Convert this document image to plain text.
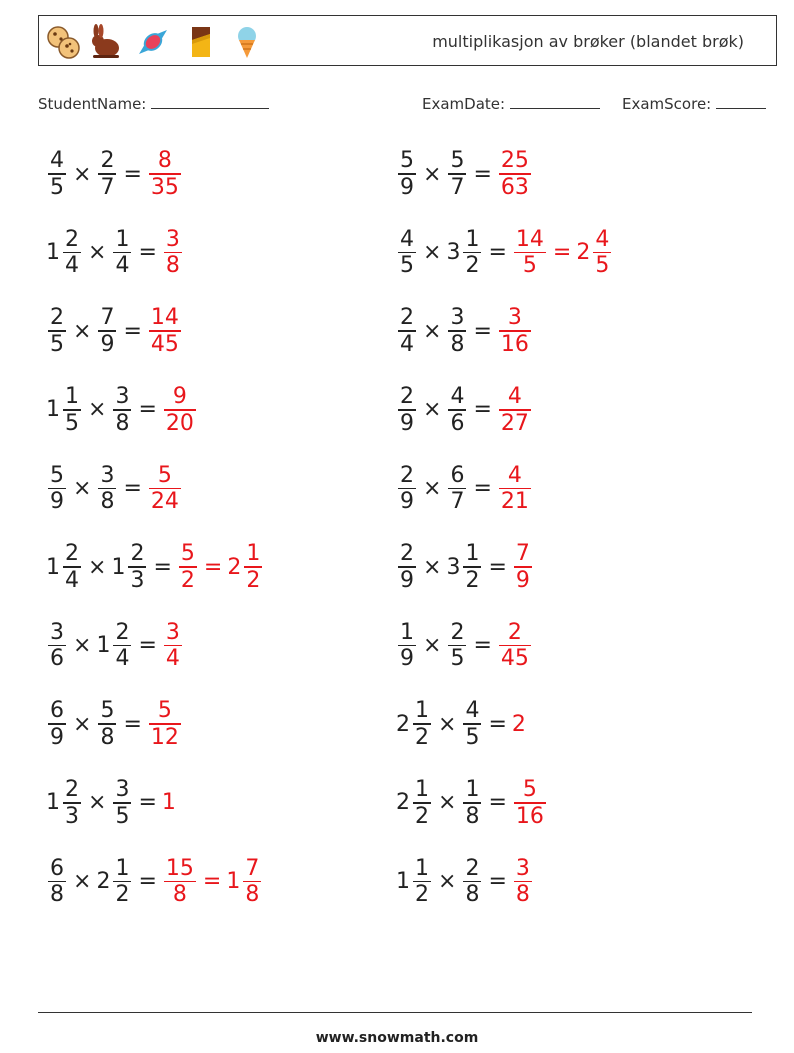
multiplikasjon av brøker (blandet brøk)
StudentName:	ExamDate:	ExamScore:
$\frac{4}{5} \times \frac{2}{7} = \frac{8}{35}$	$\frac{5}{9} \times \frac{5}{7} = \frac{25}{63}$
$1 \frac{2}{4} \times \frac{1}{4} = \frac{3}{8}$	$\frac{4}{5} \times 3 \frac{1}{2} = \frac{14}{5} = 2 \frac{4}{5}$
$\frac{2}{5} \times \frac{7}{9} = \frac{14}{45}$	$\frac{2}{4} \times \frac{3}{8} = \frac{3}{16}$
$1 \frac{1}{5} \times \frac{3}{8} = \frac{9}{20}$	$\frac{2}{9} \times \frac{4}{6} = \frac{4}{27}$
$\frac{5}{9} \times \frac{3}{8} = \frac{5}{24}$	$\frac{2}{9} \times \frac{6}{7} = \frac{4}{21}$
$1 \frac{2}{4} \times 1 \frac{2}{3} = \frac{5}{2} = 2 \frac{1}{2}$	$\frac{2}{9} \times 3 \frac{1}{2} = \frac{7}{9}$
$\frac{3}{6} \times 1 \frac{2}{4} = \frac{3}{4}$	$\frac{1}{9} \times \frac{2}{5} = \frac{2}{45}$
$\frac{6}{9} \times \frac{5}{8} = \frac{5}{12}$	$2 \frac{1}{2} \times \frac{4}{5} = 2$
$1 \frac{2}{3} \times \frac{3}{5} = 1$	$2 \frac{1}{2} \times \frac{1}{8} = \frac{5}{16}$
$\frac{6}{8} \times 2 \frac{1}{2} = \frac{15}{8} = 1 \frac{7}{8}$	$1 \frac{1}{2} \times \frac{2}{8} = \frac{3}{8}$
www.snowmath.com
